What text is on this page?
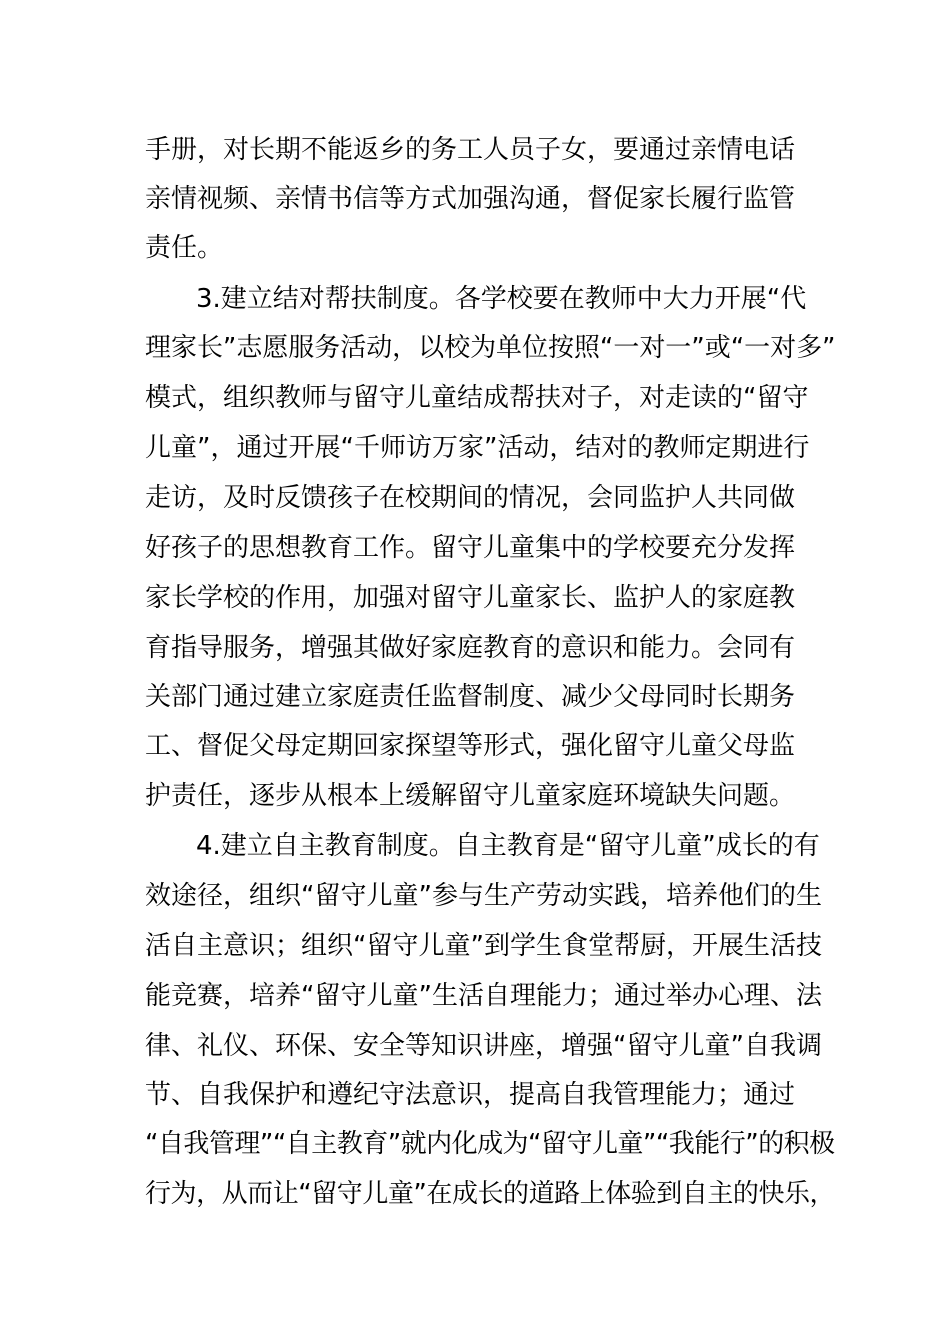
手册，对长期不能返乡的务工人员子女，要通过亲情电话
亲情视频、亲情书信等方式加强沟通，督促家长履行监管
责任。
3.建立结对帮扶制度。各学校要在教师中大力开展“代
理家长”志愿服务活动，以校为单位按照“一对一”或“一对多”
模式，组织教师与留守儿童结成帮扶对子，对走读的“留守
儿童”，通过开展“千师访万家”活动，结对的教师定期进行
走访，及时反馈孩子在校期间的情况，会同监护人共同做
好孩子的思想教育工作。留守儿童集中的学校要充分发挥
家长学校的作用，加强对留守儿童家长、监护人的家庭教
育指导服务，增强其做好家庭教育的意识和能力。会同有
关部门通过建立家庭责任监督制度、减少父母同时长期务
工、督促父母定期回家探望等形式，强化留守儿童父母监
护责任，逐步从根本上缓解留守儿童家庭环境缺失问题。
4.建立自主教育制度。自主教育是“留守儿童”成长的有
效途径，组织“留守儿童”参与生产劳动实践，培养他们的生
活自主意识；组织“留守儿童”到学生食堂帮厨，开展生活技
能竞赛，培养“留守儿童”生活自理能力；通过举办心理、法
律、礼仪、环保、安全等知识讲座，增强“留守儿童”自我调
节、自我保护和遵纪守法意识，提高自我管理能力；通过
“自我管理”“自主教育”就内化成为“留守儿童”“我能行”的积极
行为，从而让“留守儿童”在成长的道路上体验到自主的快乐，
